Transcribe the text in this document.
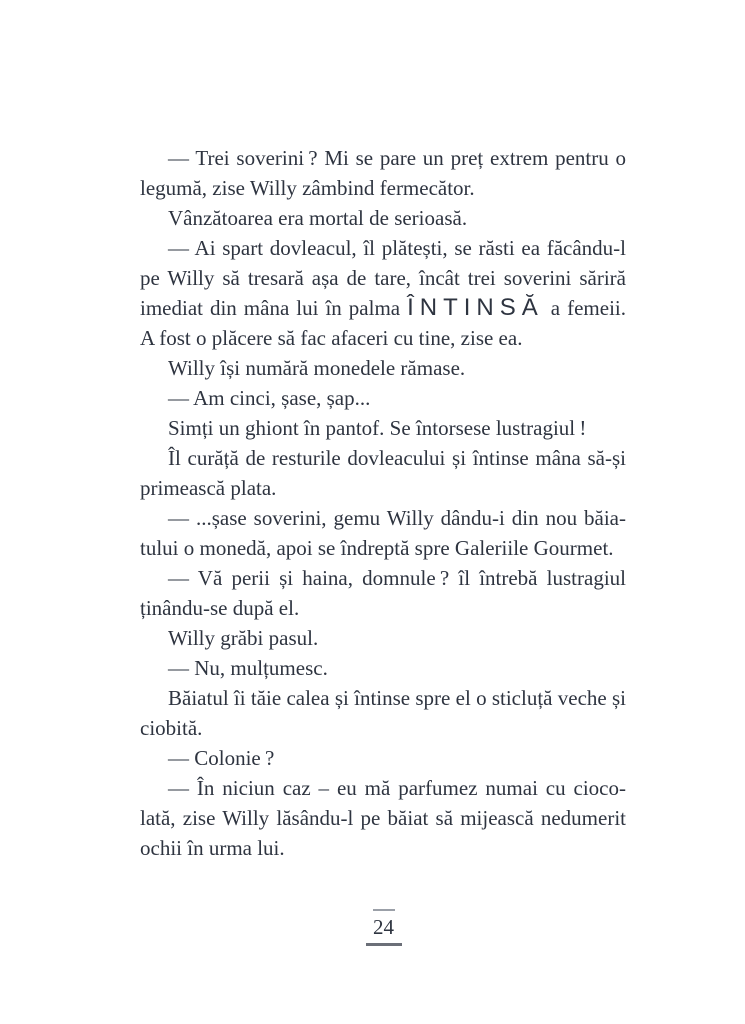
— Trei soverini ? Mi se pare un preț extrem pentru o
legumă, zise Willy zâmbind fermecător.
Vânzătoarea era mortal de serioasă.
— Ai spart dovleacul, îl plătești, se răsti ea făcându-l
pe Willy să tresară așa de tare, încât trei soverini săriră
imediat din mâna lui în palma ÎNTINSĂ a femeii.
A fost o plăcere să fac afaceri cu tine, zise ea.
Willy își numără monedele rămase.
— Am cinci, șase, șap...
Simți un ghiont în pantof. Se întorsese lustragiul !
Îl curăță de resturile dovleacului și întinse mâna să-și
primească plata.
— ...șase soverini, gemu Willy dându-i din nou băia-
tului o monedă, apoi se îndreptă spre Galeriile Gourmet.
— Vă perii și haina, domnule ? îl întrebă lustragiul
ținându-se după el.
Willy grăbi pasul.
— Nu, mulțumesc.
Băiatul îi tăie calea și întinse spre el o sticluță veche și
ciobită.
— Colonie ?
— În niciun caz – eu mă parfumez numai cu cioco-
lată, zise Willy lăsându-l pe băiat să mijească nedumerit
ochii în urma lui.
24
